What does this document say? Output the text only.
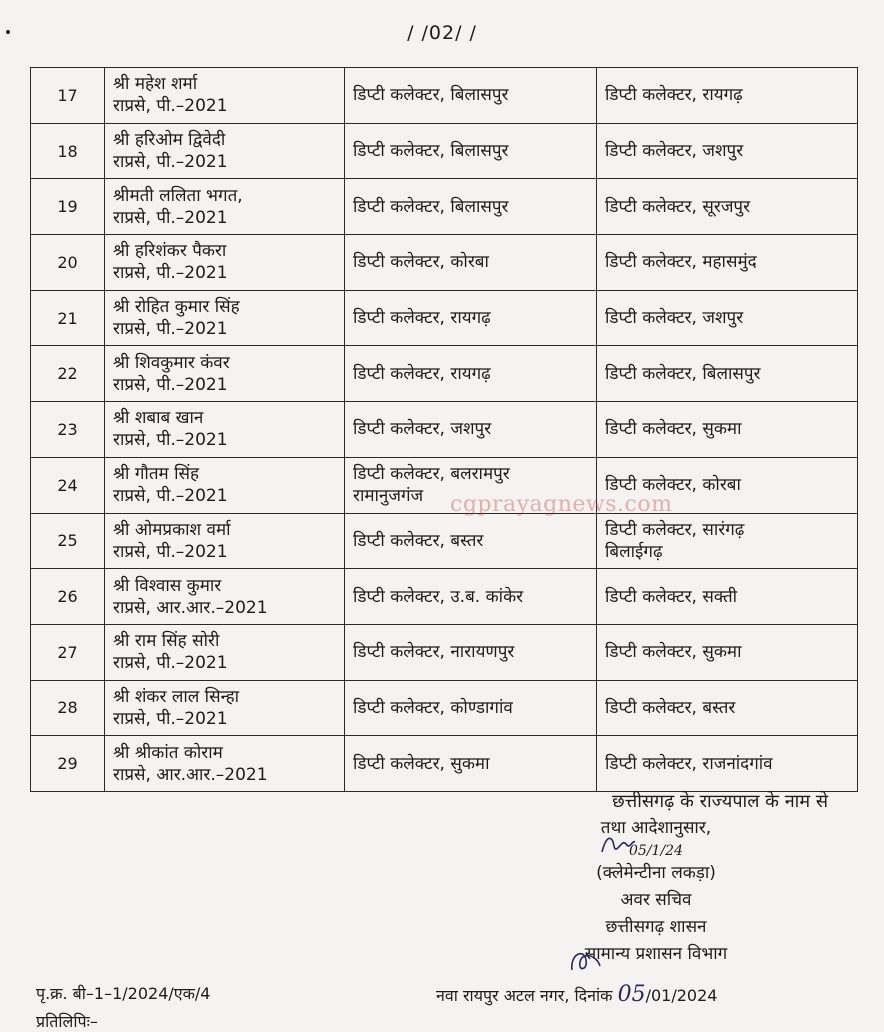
/ /02/ /
17	श्री महेश शर्मा
राप्रसे, पी.–2021	डिप्टी कलेक्टर, बिलासपुर	डिप्टी कलेक्टर, रायगढ़

18	श्री हरिओम द्विवेदी
राप्रसे, पी.–2021	डिप्टी कलेक्टर, बिलासपुर	डिप्टी कलेक्टर, जशपुर

19	श्रीमती ललिता भगत,
राप्रसे, पी.–2021	डिप्टी कलेक्टर, बिलासपुर	डिप्टी कलेक्टर, सूरजपुर

20	श्री हरिशंकर पैकरा
राप्रसे, पी.–2021	डिप्टी कलेक्टर, कोरबा	डिप्टी कलेक्टर, महासमुंद

21	श्री रोहित कुमार सिंह
राप्रसे, पी.–2021	डिप्टी कलेक्टर, रायगढ़	डिप्टी कलेक्टर, जशपुर

22	श्री शिवकुमार कंवर
राप्रसे, पी.–2021	डिप्टी कलेक्टर, रायगढ़	डिप्टी कलेक्टर, बिलासपुर

23	श्री शबाब खान
राप्रसे, पी.–2021	डिप्टी कलेक्टर, जशपुर	डिप्टी कलेक्टर, सुकमा

24	श्री गौतम सिंह
राप्रसे, पी.–2021	डिप्टी कलेक्टर, बलरामपुर
रामानुजगंज	डिप्टी कलेक्टर, कोरबा

25	श्री ओमप्रकाश वर्मा
राप्रसे, पी.–2021	डिप्टी कलेक्टर, बस्तर	डिप्टी कलेक्टर, सारंगढ़
बिलाईगढ़

26	श्री विश्वास कुमार
राप्रसे, आर.आर.–2021	डिप्टी कलेक्टर, उ.ब. कांकेर	डिप्टी कलेक्टर, सक्ती

27	श्री राम सिंह सोरी
राप्रसे, पी.–2021	डिप्टी कलेक्टर, नारायणपुर	डिप्टी कलेक्टर, सुकमा

28	श्री शंकर लाल सिन्हा
राप्रसे, पी.–2021	डिप्टी कलेक्टर, कोण्डागांव	डिप्टी कलेक्टर, बस्तर

29	श्री श्रीकांत कोराम
राप्रसे, आर.आर.–2021	डिप्टी कलेक्टर, सुकमा	डिप्टी कलेक्टर, राजनांदगांव
cgprayagnews.com
छत्तीसगढ़ के राज्यपाल के नाम से
तथा आदेशानुसार,
05/1/24
(क्लेमेन्टीना लकड़ा)
अवर सचिव
छत्तीसगढ़ शासन
सामान्य प्रशासन विभाग
पृ.क्र. बी–1–1/2024/एक/4	नवा रायपुर अटल नगर, दिनांक 05/01/2024
प्रतिलिपिः–
